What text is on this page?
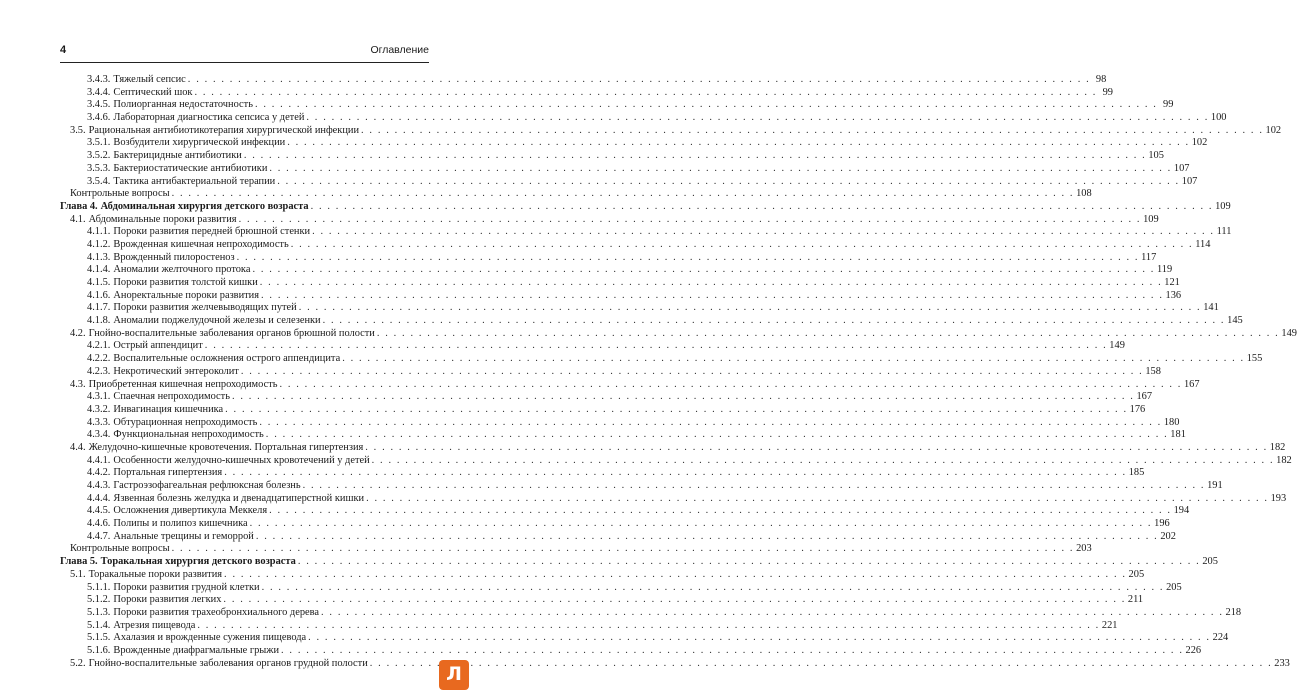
4	Оглавление
3.4.3. Тяжелый сепсис . . .	98
3.4.4. Септический шок . . .	99
3.4.5. Полиорганная недостаточность . . .	99
3.4.6. Лабораторная диагностика сепсиса у детей . . .	100
3.5. Рациональная антибиотикотерапия хирургической инфекции . . .	102
3.5.1. Возбудители хирургической инфекции . . .	102
3.5.2. Бактерицидные антибиотики . . .	105
3.5.3. Бактериостатические антибиотики . . .	107
3.5.4. Тактика антибактериальной терапии . . .	107
Контрольные вопросы . . .	108
Глава 4. Абдоминальная хирургия детского возраста . . .	109
4.1. Абдоминальные пороки развития . . .	109
4.1.1. Пороки развития передней брюшной стенки . . .	111
4.1.2. Врожденная кишечная непроходимость . . .	114
4.1.3. Врожденный пилоростеноз . . .	117
4.1.4. Аномалии желточного протока . . .	119
4.1.5. Пороки развития толстой кишки . . .	121
4.1.6. Аноректальные пороки развития . . .	136
4.1.7. Пороки развития желчевыводящих путей . . .	141
4.1.8. Аномалии поджелудочной железы и селезенки . . .	145
4.2. Гнойно-воспалительные заболевания органов брюшной полости . . .	149
4.2.1. Острый аппендицит . . .	149
4.2.2. Воспалительные осложнения острого аппендицита . . .	155
4.2.3. Некротический энтероколит . . .	158
4.3. Приобретенная кишечная непроходимость . . .	167
4.3.1. Спаечная непроходимость . . .	167
4.3.2. Инвагинация кишечника . . .	176
4.3.3. Обтурационная непроходимость . . .	180
4.3.4. Функциональная непроходимость . . .	181
4.4. Желудочно-кишечные кровотечения. Портальная гипертензия . . .	182
4.4.1. Особенности желудочно-кишечных кровотечений у детей . . .	182
4.4.2. Портальная гипертензия . . .	185
4.4.3. Гастроэзофагеальная рефлюксная болезнь . . .	191
4.4.4. Язвенная болезнь желудка и двенадцатиперстной кишки . . .	193
4.4.5. Осложнения дивертикула Меккеля . . .	194
4.4.6. Полипы и полипоз кишечника . . .	196
4.4.7. Анальные трещины и геморрой . . .	202
Контрольные вопросы . . .	203
Глава 5. Торакальная хирургия детского возраста . . .	205
5.1. Торакальные пороки развития . . .	205
5.1.1. Пороки развития грудной клетки . . .	205
5.1.2. Пороки развития легких . . .	211
5.1.3. Пороки развития трахеобронхиального дерева . . .	218
5.1.4. Атрезия пищевода . . .	221
5.1.5. Ахалазия и врожденные сужения пищевода . . .	224
5.1.6. Врожденные диафрагмальные грыжи . . .	226
5.2. Гнойно-воспалительные заболевания органов грудной полости . . .	233
Л
